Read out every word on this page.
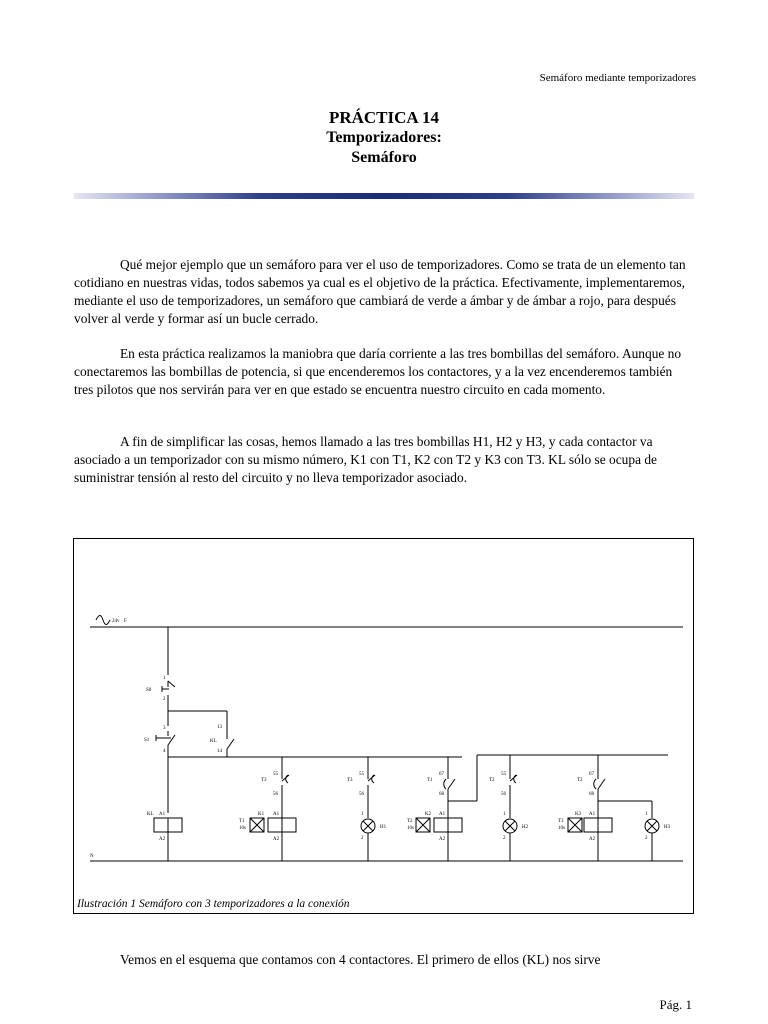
Semáforo mediante temporizadores
PRÁCTICA 14
Temporizadores:
Semáforo

Qué mejor ejemplo que un semáforo para ver el uso de temporizadores. Como se trata de un elemento tan cotidiano en nuestras vidas, todos sabemos ya cual es el objetivo de la práctica. Efectivamente, implementaremos, mediante el uso de temporizadores, un semáforo que cambiará de verde a ámbar y de ámbar a rojo, para después volver al verde y formar así un bucle cerrado.

En esta práctica realizamos la maniobra que daría corriente a las tres bombillas del semáforo. Aunque no conectaremos las bombillas de potencia, si que encenderemos los contactores, y a la vez encenderemos también tres pilotos que nos servirán para ver en que estado se encuentra nuestro circuito en cada momento.

A fin de simplificar las cosas, hemos llamado a las tres bombillas H1, H2 y H3, y cada contactor va asociado a un temporizador con su mismo número, K1 con T1, K2 con T2 y K3 con T3. KL sólo se ocupa de suministrar tensión al resto del circuito y no lleva temporizador asociado.

24v F
N
1
S0
2
3
S1
4
13
KL
14
KL A1
A2
55
T3
56
K1 A1
T1
10s
A2
55
T3
56
1
H1
2
67
T1
68
K2 A1
T2
10s
A2
55
T2
56
1
H2
2
67
T2
68
K3 A1
T3
10s
A2
1
H3
2
Ilustración 1 Semáforo con 3 temporizadores a la conexión

Vemos en el esquema que contamos con 4 contactores. El primero de ellos (KL) nos sirve

Pág. 1
